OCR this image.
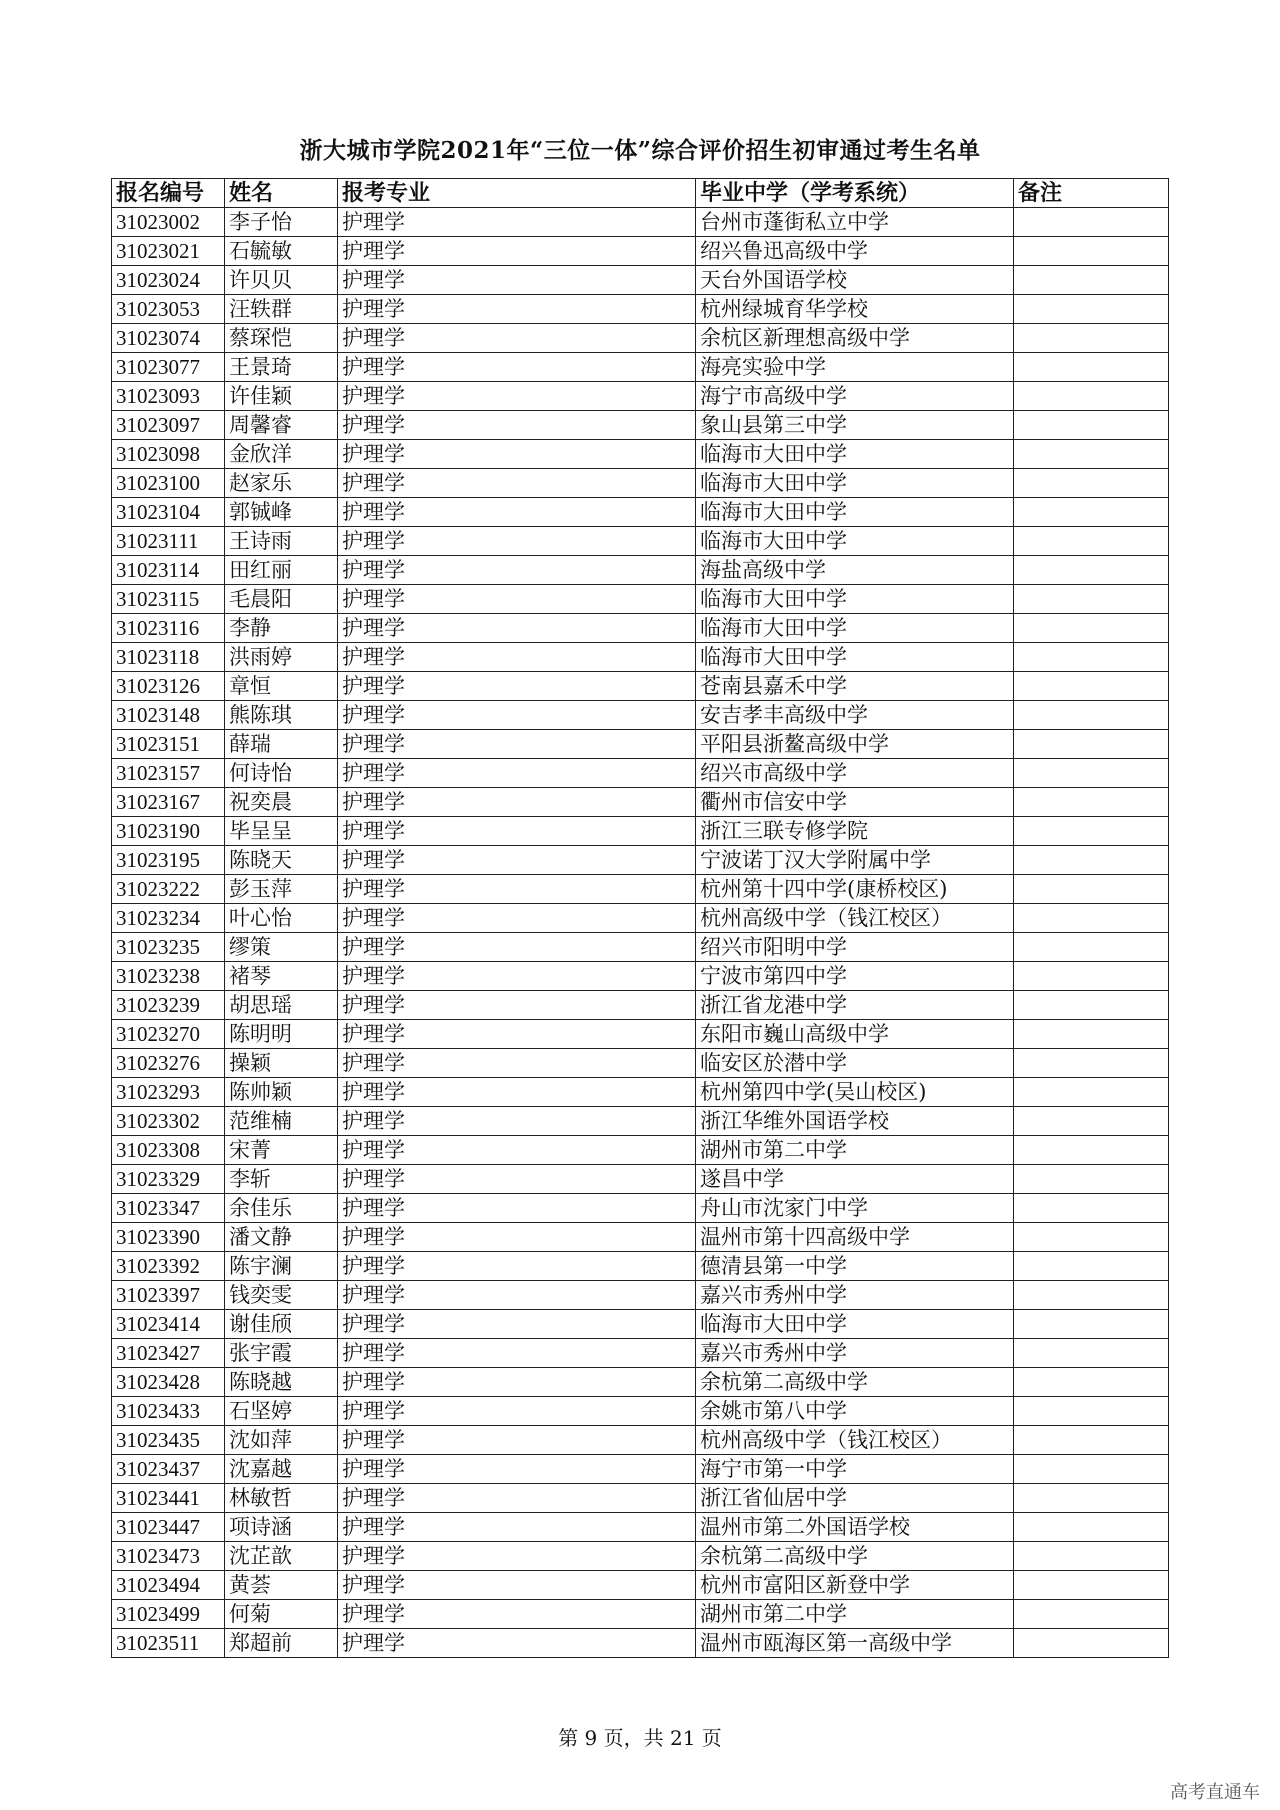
浙大城市学院2021年“三位一体”综合评价招生初审通过考生名单
报名编号	姓名	报考专业	毕业中学（学考系统）	备注
31023002	李子怡	护理学	台州市蓬街私立中学	
31023021	石毓敏	护理学	绍兴鲁迅高级中学	
31023024	许贝贝	护理学	天台外国语学校	
31023053	汪轶群	护理学	杭州绿城育华学校	
31023074	蔡琛恺	护理学	余杭区新理想高级中学	
31023077	王景琦	护理学	海亮实验中学	
31023093	许佳颖	护理学	海宁市高级中学	
31023097	周馨睿	护理学	象山县第三中学	
31023098	金欣洋	护理学	临海市大田中学	
31023100	赵家乐	护理学	临海市大田中学	
31023104	郭铖峰	护理学	临海市大田中学	
31023111	王诗雨	护理学	临海市大田中学	
31023114	田红丽	护理学	海盐高级中学	
31023115	毛晨阳	护理学	临海市大田中学	
31023116	李静	护理学	临海市大田中学	
31023118	洪雨婷	护理学	临海市大田中学	
31023126	章恒	护理学	苍南县嘉禾中学	
31023148	熊陈琪	护理学	安吉孝丰高级中学	
31023151	薛瑞	护理学	平阳县浙鳌高级中学	
31023157	何诗怡	护理学	绍兴市高级中学	
31023167	祝奕晨	护理学	衢州市信安中学	
31023190	毕呈呈	护理学	浙江三联专修学院	
31023195	陈晓天	护理学	宁波诺丁汉大学附属中学	
31023222	彭玉萍	护理学	杭州第十四中学(康桥校区)	
31023234	叶心怡	护理学	杭州高级中学（钱江校区）	
31023235	缪策	护理学	绍兴市阳明中学	
31023238	褚琴	护理学	宁波市第四中学	
31023239	胡思瑶	护理学	浙江省龙港中学	
31023270	陈明明	护理学	东阳市巍山高级中学	
31023276	操颖	护理学	临安区於潜中学	
31023293	陈帅颖	护理学	杭州第四中学(吴山校区)	
31023302	范维楠	护理学	浙江华维外国语学校	
31023308	宋菁	护理学	湖州市第二中学	
31023329	李斩	护理学	遂昌中学	
31023347	余佳乐	护理学	舟山市沈家门中学	
31023390	潘文静	护理学	温州市第十四高级中学	
31023392	陈宇澜	护理学	德清县第一中学	
31023397	钱奕雯	护理学	嘉兴市秀州中学	
31023414	谢佳颀	护理学	临海市大田中学	
31023427	张宇霞	护理学	嘉兴市秀州中学	
31023428	陈晓越	护理学	余杭第二高级中学	
31023433	石坚婷	护理学	余姚市第八中学	
31023435	沈如萍	护理学	杭州高级中学（钱江校区）	
31023437	沈嘉越	护理学	海宁市第一中学	
31023441	林敏哲	护理学	浙江省仙居中学	
31023447	项诗涵	护理学	温州市第二外国语学校	
31023473	沈芷歆	护理学	余杭第二高级中学	
31023494	黄荟	护理学	杭州市富阳区新登中学	
31023499	何菊	护理学	湖州市第二中学	
31023511	郑超前	护理学	温州市瓯海区第一高级中学	
第 9 页，共 21 页
高考直通车
